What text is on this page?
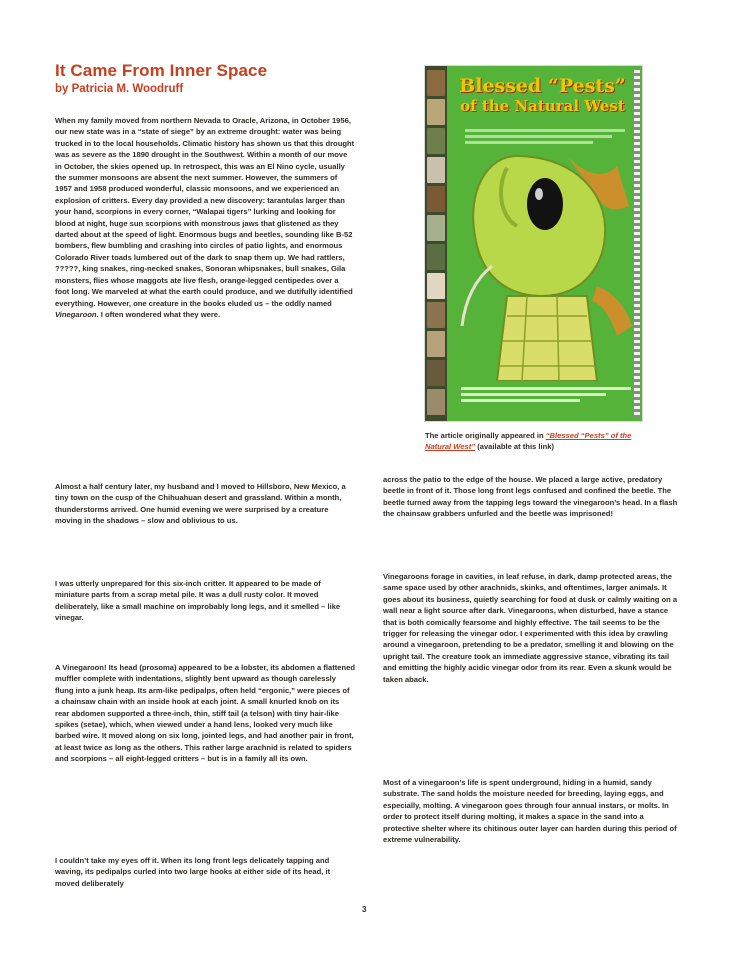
It Came From Inner Space
by Patricia M. Woodruff

When my family moved from northern Nevada to Oracle, Arizona, in October 1956, our new state was in a “state of siege” by an extreme drought: water was being trucked in to the local households. Climatic history has shown us that this drought was as severe as the 1890 drought in the Southwest. Within a month of our move in October, the skies opened up. In retrospect, this was an El Nino cycle, usually the summer monsoons are absent the next summer. However, the summers of 1957 and 1958 produced wonderful, classic monsoons, and we experienced an explosion of critters. Every day provided a new discovery: tarantulas larger than your hand, scorpions in every corner, “Walapai tigers” lurking and looking for blood at night, huge sun scorpions with monstrous jaws that glistened as they darted about at the speed of light. Enormous bugs and beetles, sounding like B-52 bombers, flew bumbling and crashing into circles of patio lights, and enormous Colorado River toads lumbered out of the dark to snap them up. We had rattlers, ?????, king snakes, ring-necked snakes, Sonoran whipsnakes, bull snakes, Gila monsters, flies whose maggots ate live flesh, orange-legged centipedes over a foot long. We marveled at what the earth could produce, and we dutifully identified everything. However, one creature in the books eluded us – the oddly named Vinegaroon. I often wondered what they were.

Almost a half century later, my husband and I moved to Hillsboro, New Mexico, a tiny town on the cusp of the Chihuahuan desert and grassland. Within a month, thunderstorms arrived. One humid evening we were surprised by a creature moving in the shadows – slow and oblivious to us.

I was utterly unprepared for this six-inch critter. It appeared to be made of miniature parts from a scrap metal pile. It was a dull rusty color. It moved deliberately, like a small machine on improbably long legs, and it smelled – like vinegar.

A Vinegaroon! Its head (prosoma) appeared to be a lobster, its abdomen a flattened muffler complete with indentations, slightly bent upward as though carelessly flung into a junk heap. Its arm-like pedipalps, often held “ergonic,” were pieces of a chainsaw chain with an inside hook at each joint. A small knurled knob on its rear abdomen supported a three-inch, thin, stiff tail (a telson) with tiny hair-like spikes (setae), which, when viewed under a hand lens, looked very much like barbed wire. It moved along on six long, jointed legs, and had another pair in front, at least twice as long as the others. This rather large arachnid is related to spiders and scorpions – all eight-legged critters – but is in a family all its own.

I couldn’t take my eyes off it. When its long front legs delicately tapping and waving, its pedipalps curled into two large hooks at either side of its head, it moved deliberately

Blessed “Pests”
of the Natural West
The article originally appeared in “Blessed “Pests” of the Natural West” (available at this link)

across the patio to the edge of the house. We placed a large active, predatory beetle in front of it. Those long front legs confused and confined the beetle. The beetle turned away from the tapping legs toward the vinegaroon’s head. In a flash the chainsaw grabbers unfurled and the beetle was imprisoned!

Vinegaroons forage in cavities, in leaf refuse, in dark, damp protected areas, the same space used by other arachnids, skinks, and oftentimes, larger animals. It goes about its business, quietly searching for food at dusk or calmly waiting on a wall near a light source after dark. Vinegaroons, when disturbed, have a stance that is both comically fearsome and highly effective. The tail seems to be the trigger for releasing the vinegar odor. I experimented with this idea by crawling around a vinegaroon, pretending to be a predator, smelling it and blowing on the upright tail. The creature took an immediate aggressive stance, vibrating its tail and emitting the highly acidic vinegar odor from its rear. Even a skunk would be taken aback.

Most of a vinegaroon’s life is spent underground, hiding in a humid, sandy substrate. The sand holds the moisture needed for breeding, laying eggs, and especially, molting. A vinegaroon goes through four annual instars, or molts. In order to protect itself during molting, it makes a space in the sand into a protective shelter where its chitinous outer layer can harden during this period of extreme vulnerability.

3
